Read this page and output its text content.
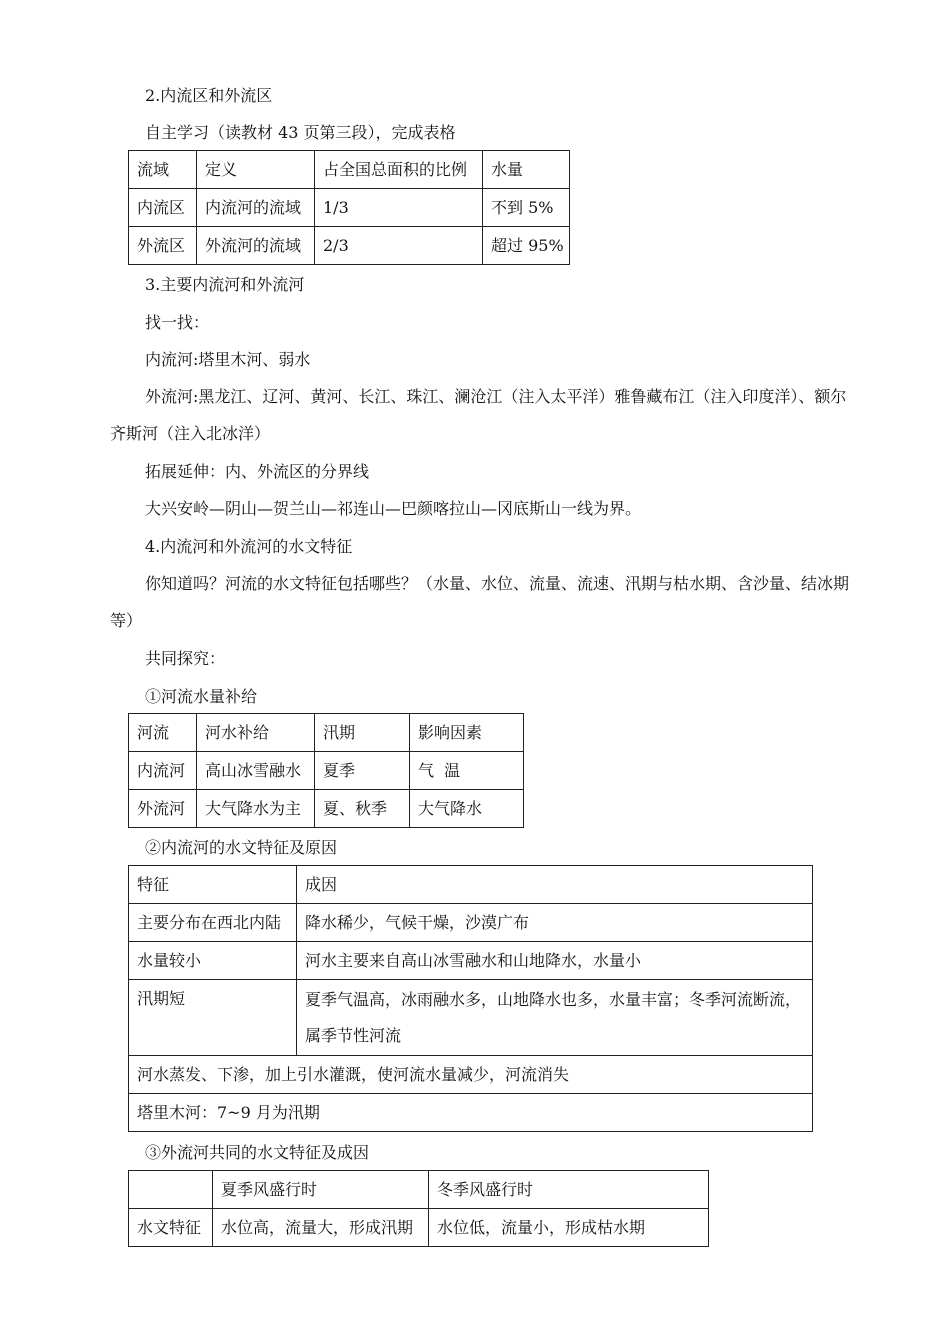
2.内流区和外流区
自主学习（读教材 43 页第三段），完成表格
流域	定义	占全国总面积的比例	水量
内流区	内流河的流域	1/3	不到 5%
外流区	外流河的流域	2/3	超过 95%
3.主要内流河和外流河
找一找：
内流河:塔里木河、弱水
外流河:黑龙江、辽河、黄河、长江、珠江、澜沧江（注入太平洋）雅鲁藏布江（注入印度洋）、额尔齐斯河（注入北冰洋）
拓展延伸：内、外流区的分界线
大兴安岭—阴山—贺兰山—祁连山—巴颜喀拉山—冈底斯山一线为界。
4.内流河和外流河的水文特征
你知道吗？河流的水文特征包括哪些？（水量、水位、流量、流速、汛期与枯水期、含沙量、结冰期等）
共同探究：
①河流水量补给
河流	河水补给	汛期	影响因素
内流河	高山冰雪融水	夏季	气  温
外流河	大气降水为主	夏、秋季	大气降水
②内流河的水文特征及原因
特征	成因
主要分布在西北内陆	降水稀少，气候干燥，沙漠广布
水量较小	河水主要来自高山冰雪融水和山地降水，水量小
汛期短	夏季气温高，冰雨融水多，山地降水也多，水量丰富；冬季河流断流，属季节性河流
河水蒸发、下渗，加上引水灌溉，使河流水量减少，河流消失	
塔里木河：7~9 月为汛期	
③外流河共同的水文特征及成因
	夏季风盛行时	冬季风盛行时
水文特征	水位高，流量大，形成汛期	水位低，流量小，形成枯水期
